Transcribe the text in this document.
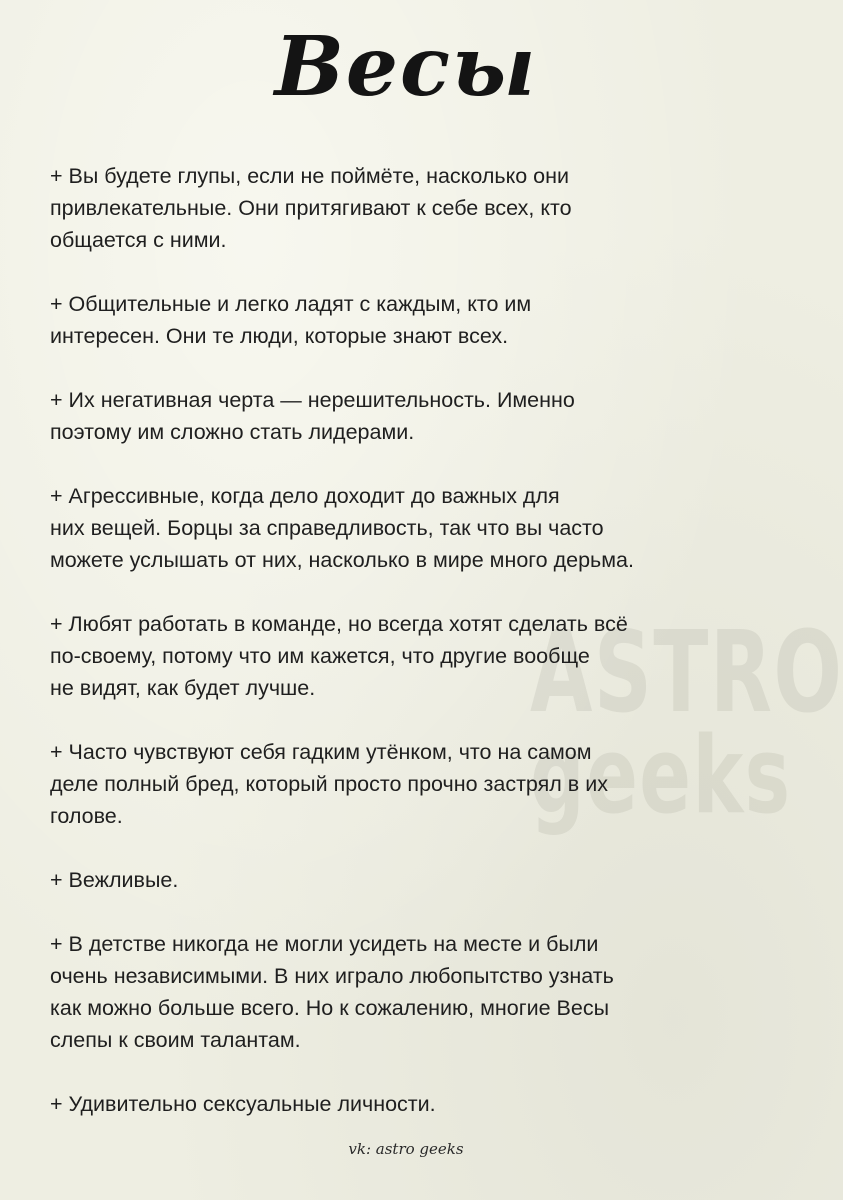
Весы
ASTRO
geeks
+ Вы будете глупы, если не поймёте, насколько они
привлекательные. Они притягивают к себе всех, кто
общается с ними.
+ Общительные и легко ладят с каждым, кто им
интересен. Они те люди, которые знают всех.
+ Их негативная черта — нерешительность. Именно
поэтому им сложно стать лидерами.
+ Агрессивные, когда дело доходит до важных для
них вещей. Борцы за справедливость, так что вы часто
можете услышать от них, насколько в мире много дерьма.
+ Любят работать в команде, но всегда хотят сделать всё
по-своему, потому что им кажется, что другие вообще
не видят, как будет лучше.
+ Часто чувствуют себя гадким утёнком, что на самом
деле полный бред, который просто прочно застрял в их
голове.
+ Вежливые.
+ В детстве никогда не могли усидеть на месте и были
очень независимыми. В них играло любопытство узнать
как можно больше всего. Но к сожалению, многие Весы
слепы к своим талантам.
+ Удивительно сексуальные личности.
vk: astro geeks
